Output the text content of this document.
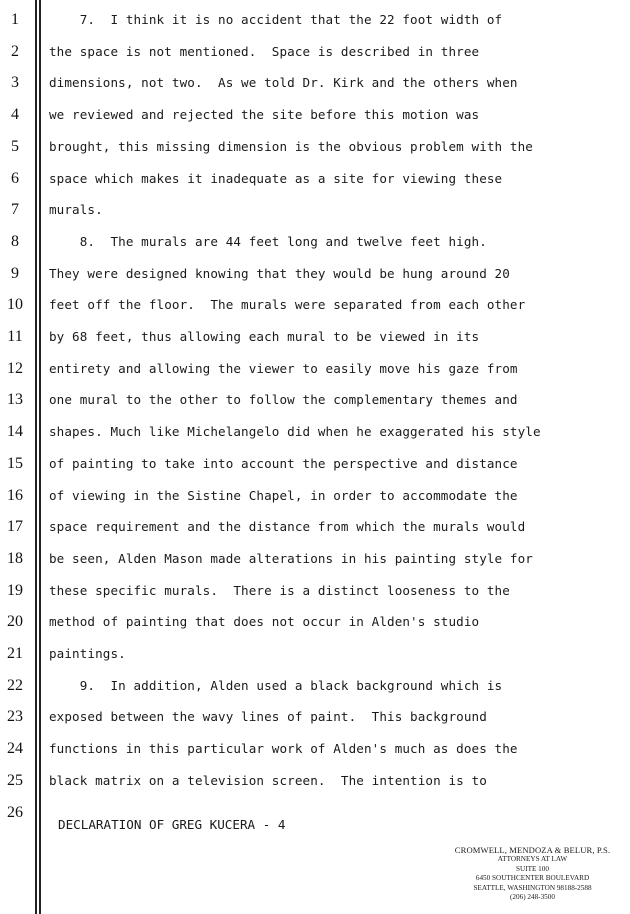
1
2
3
4
5
6
7
8
9
10
11
12
13
14
15
16
17
18
19
20
21
22
23
24
25
26
7.  I think it is no accident that the 22 foot width of
the space is not mentioned.  Space is described in three
dimensions, not two.  As we told Dr. Kirk and the others when
we reviewed and rejected the site before this motion was
brought, this missing dimension is the obvious problem with the
space which makes it inadequate as a site for viewing these
murals.
8.  The murals are 44 feet long and twelve feet high.
They were designed knowing that they would be hung around 20
feet off the floor.  The murals were separated from each other
by 68 feet, thus allowing each mural to be viewed in its
entirety and allowing the viewer to easily move his gaze from
one mural to the other to follow the complementary themes and
shapes. Much like Michelangelo did when he exaggerated his style
of painting to take into account the perspective and distance
of viewing in the Sistine Chapel, in order to accommodate the
space requirement and the distance from which the murals would
be seen, Alden Mason made alterations in his painting style for
these specific murals.  There is a distinct looseness to the
method of painting that does not occur in Alden's studio
paintings.
9.  In addition, Alden used a black background which is
exposed between the wavy lines of paint.  This background
functions in this particular work of Alden's much as does the
black matrix on a television screen.  The intention is to
DECLARATION OF GREG KUCERA - 4
CROMWELL, MENDOZA & BELUR, P.S.
ATTORNEYS AT LAW
SUITE 100
6450 SOUTHCENTER BOULEVARD
SEATTLE, WASHINGTON 98188-2588
(206) 248-3500
